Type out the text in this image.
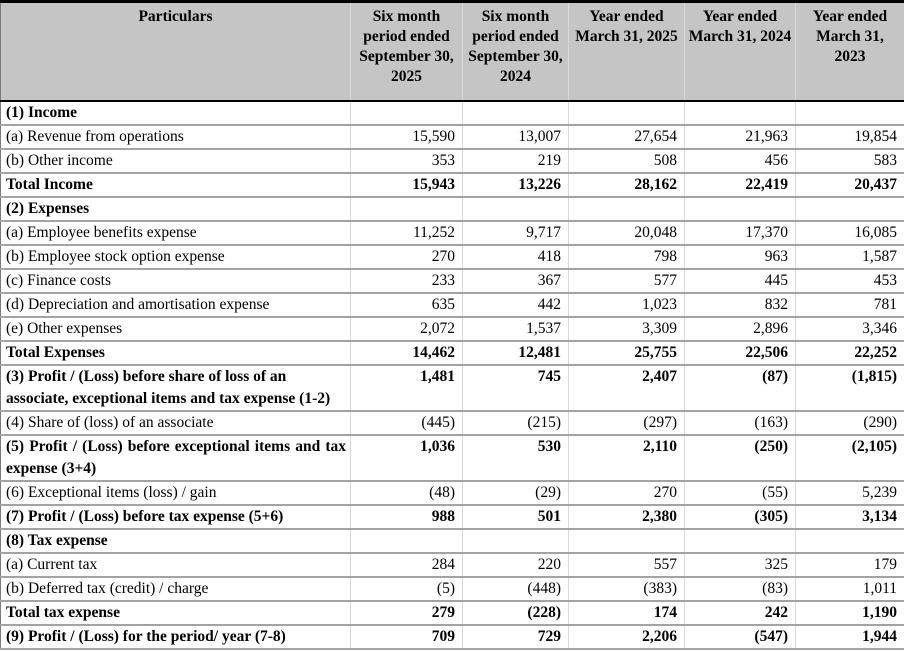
Particulars	Six month period ended September 30, 2025	Six month period ended September 30, 2024	Year ended March 31, 2025	Year ended March 31, 2024	Year ended March 31, 2023
(1) Income					
(a) Revenue from operations	15,590	13,007	27,654	21,963	19,854
(b) Other income	353	219	508	456	583
Total Income	15,943	13,226	28,162	22,419	20,437
(2) Expenses					
(a) Employee benefits expense	11,252	9,717	20,048	17,370	16,085
(b) Employee stock option expense	270	418	798	963	1,587
(c) Finance costs	233	367	577	445	453
(d) Depreciation and amortisation expense	635	442	1,023	832	781
(e) Other expenses	2,072	1,537	3,309	2,896	3,346
Total Expenses	14,462	12,481	25,755	22,506	22,252
(3) Profit / (Loss) before share of loss of an associate, exceptional items and tax expense (1-2)	1,481	745	2,407	(87)	(1,815)
(4) Share of (loss) of an associate	(445)	(215)	(297)	(163)	(290)
(5) Profit / (Loss) before exceptional items and tax expense (3+4)	1,036	530	2,110	(250)	(2,105)
(6) Exceptional items (loss) / gain	(48)	(29)	270	(55)	5,239
(7) Profit / (Loss) before tax expense (5+6)	988	501	2,380	(305)	3,134
(8) Tax expense					
(a) Current tax	284	220	557	325	179
(b) Deferred tax (credit) / charge	(5)	(448)	(383)	(83)	1,011
Total tax expense	279	(228)	174	242	1,190
(9) Profit / (Loss) for the period/ year (7-8)	709	729	2,206	(547)	1,944
